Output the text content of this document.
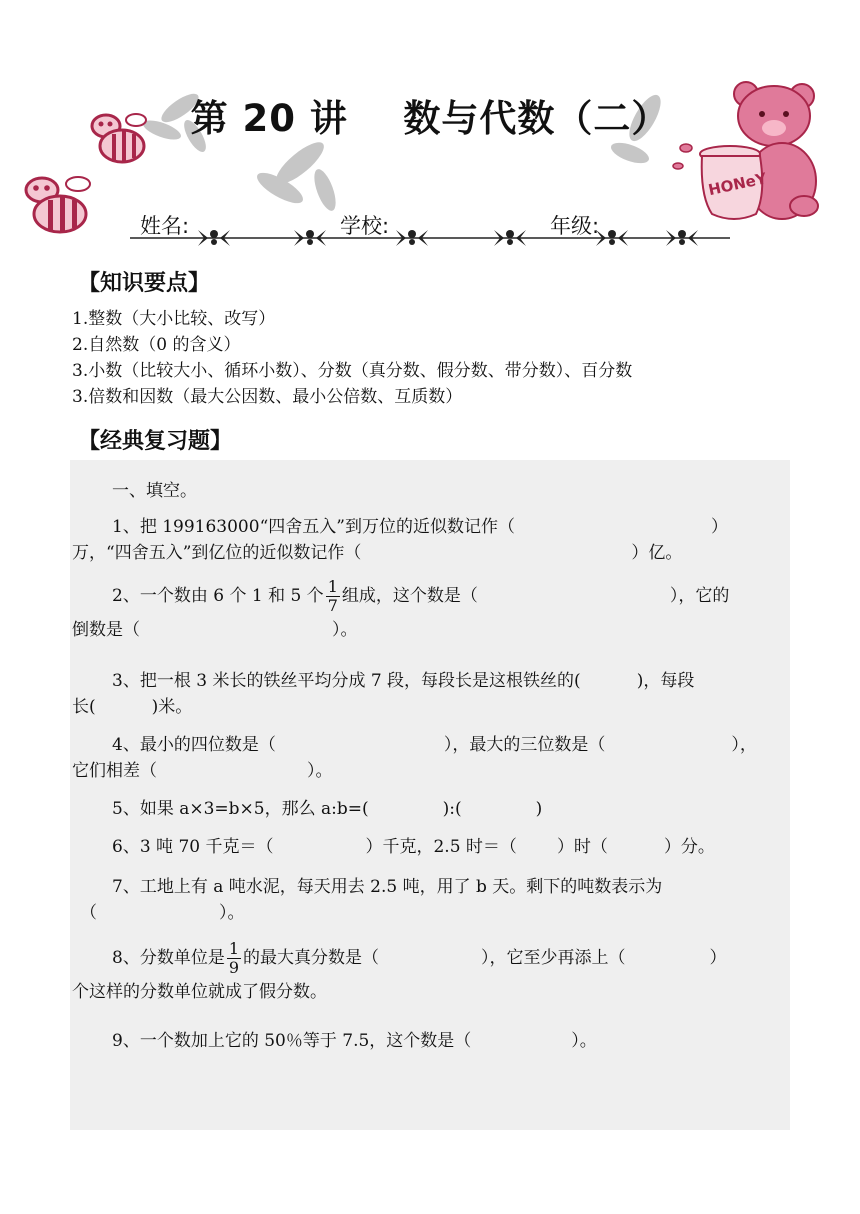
HONeY
第 20 讲 数与代数（二）
姓名:	学校:	年级:
【知识要点】
1.整数（大小比较、改写）
2.自然数（0 的含义）
3.小数（比较大小、循环小数）、分数（真分数、假分数、带分数）、百分数
3.倍数和因数（最大公因数、最小公倍数、互质数）
【经典复习题】
一、填空。
1、把 199163000“四舍五入”到万位的近似数记作（	）
万，“四舍五入”到亿位的近似数记作（	）亿。
2、一个数由 6 个 1 和 5 个 $\frac{1}{7}$ 组成，这个数是（	），它的
倒数是（	）。
3、把一根 3 米长的铁丝平均分成 7 段，每段长是这根铁丝的(	)，每段
长(	)米。
4、最小的四位数是（	），最大的三位数是（	），
它们相差（	）。
5、如果 a×3=b×5，那么 a:b=(	):(	)
6、3 吨 70 千克＝（	）千克，2.5 时＝（ ）时（	）分。
7、工地上有 a 吨水泥，每天用去 2.5 吨，用了 b 天。剩下的吨数表示为
（	）。
8、分数单位是 $\frac{1}{9}$ 的最大真分数是（	），它至少再添上（	）
个这样的分数单位就成了假分数。
9、一个数加上它的 50％等于 7.5，这个数是（	）。
